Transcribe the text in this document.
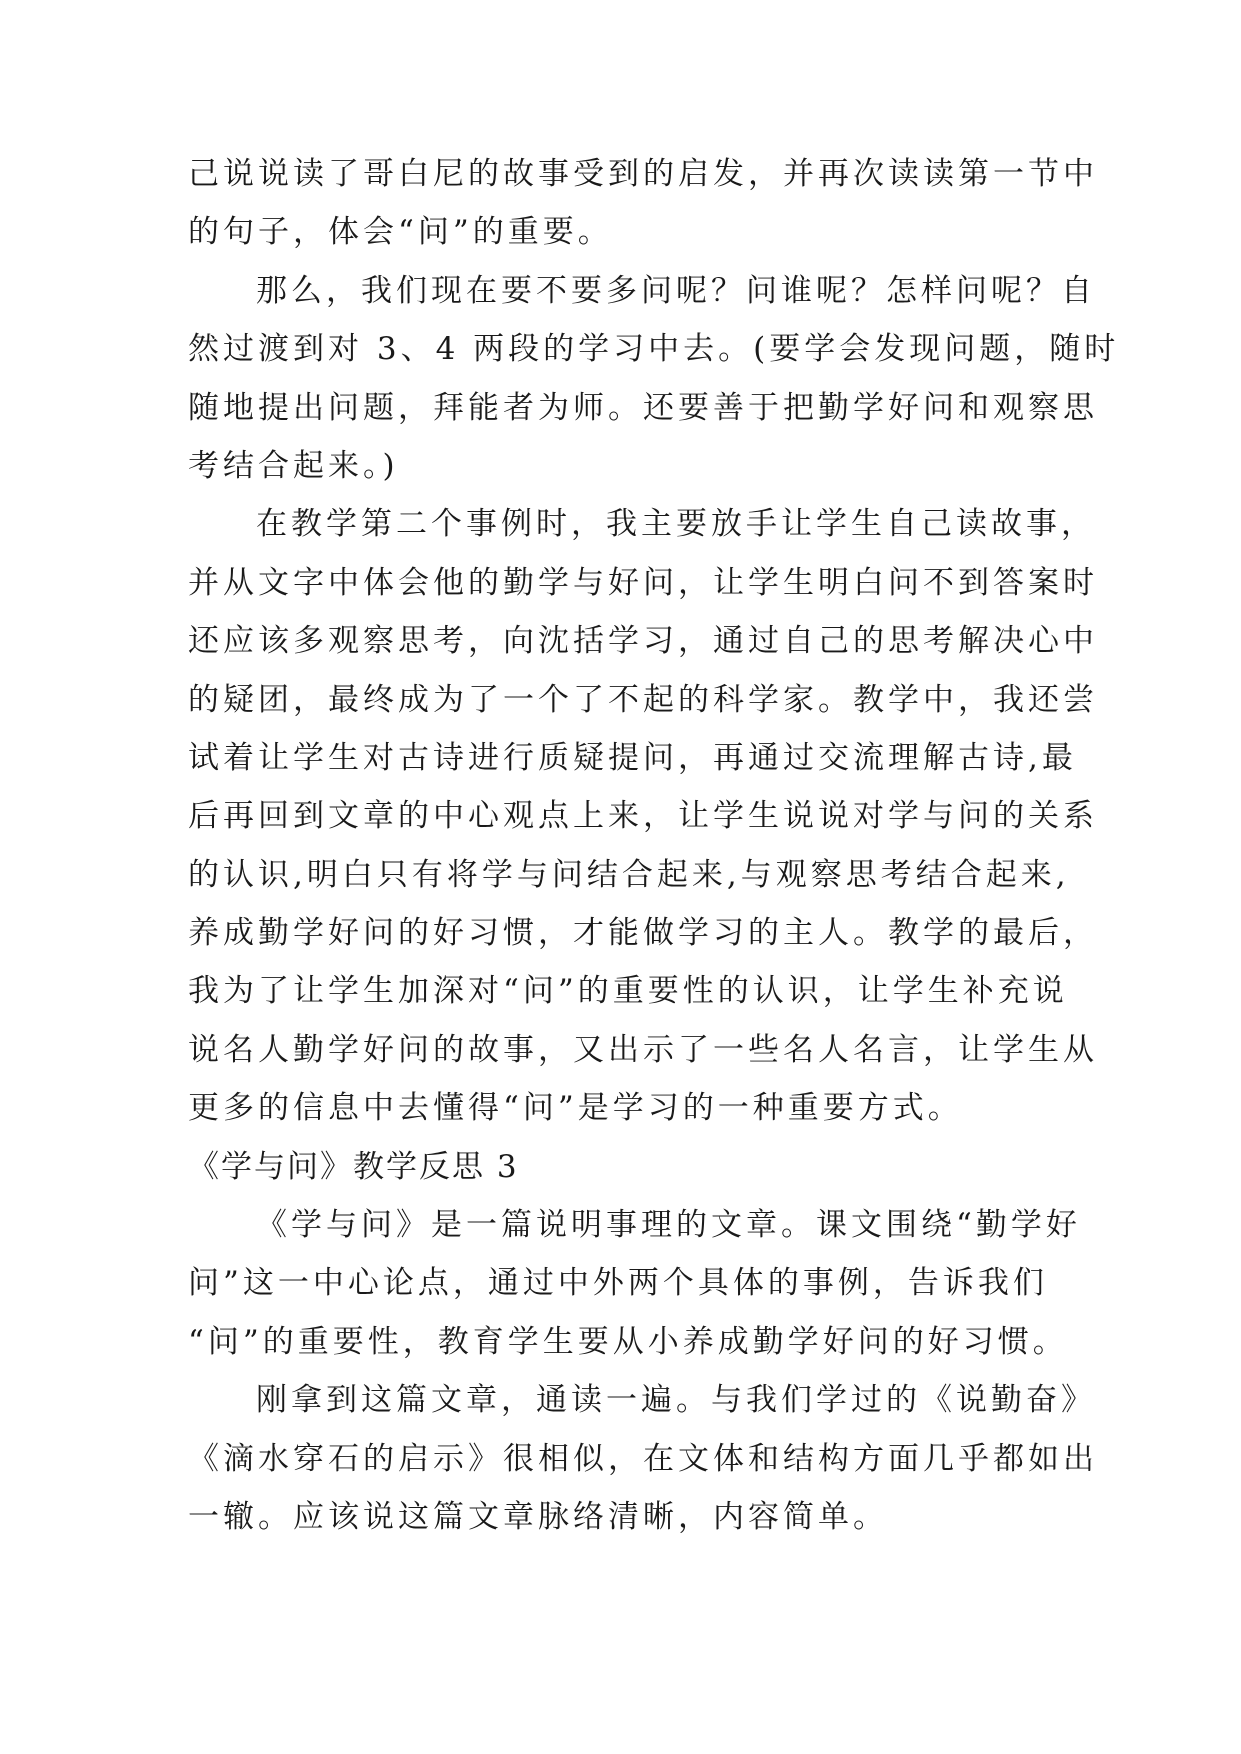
己说说读了哥白尼的故事受到的启发，并再次读读第一节中
的句子，体会“问”的重要。
那么，我们现在要不要多问呢？问谁呢？怎样问呢？自
然过渡到对 3、4 两段的学习中去。(要学会发现问题，随时
随地提出问题，拜能者为师。还要善于把勤学好问和观察思
考结合起来。)
在教学第二个事例时，我主要放手让学生自己读故事，
并从文字中体会他的勤学与好问，让学生明白问不到答案时
还应该多观察思考，向沈括学习，通过自己的思考解决心中
的疑团，最终成为了一个了不起的科学家。教学中，我还尝
试着让学生对古诗进行质疑提问，再通过交流理解古诗,最
后再回到文章的中心观点上来，让学生说说对学与问的关系
的认识,明白只有将学与问结合起来,与观察思考结合起来,
养成勤学好问的好习惯，才能做学习的主人。教学的最后，
我为了让学生加深对“问”的重要性的认识，让学生补充说
说名人勤学好问的故事，又出示了一些名人名言，让学生从
更多的信息中去懂得“问”是学习的一种重要方式。
《学与问》教学反思 3
《学与问》是一篇说明事理的文章。课文围绕“勤学好
问”这一中心论点，通过中外两个具体的事例，告诉我们
“问”的重要性，教育学生要从小养成勤学好问的好习惯。
刚拿到这篇文章，通读一遍。与我们学过的《说勤奋》
《滴水穿石的启示》很相似，在文体和结构方面几乎都如出
一辙。应该说这篇文章脉络清晰，内容简单。
